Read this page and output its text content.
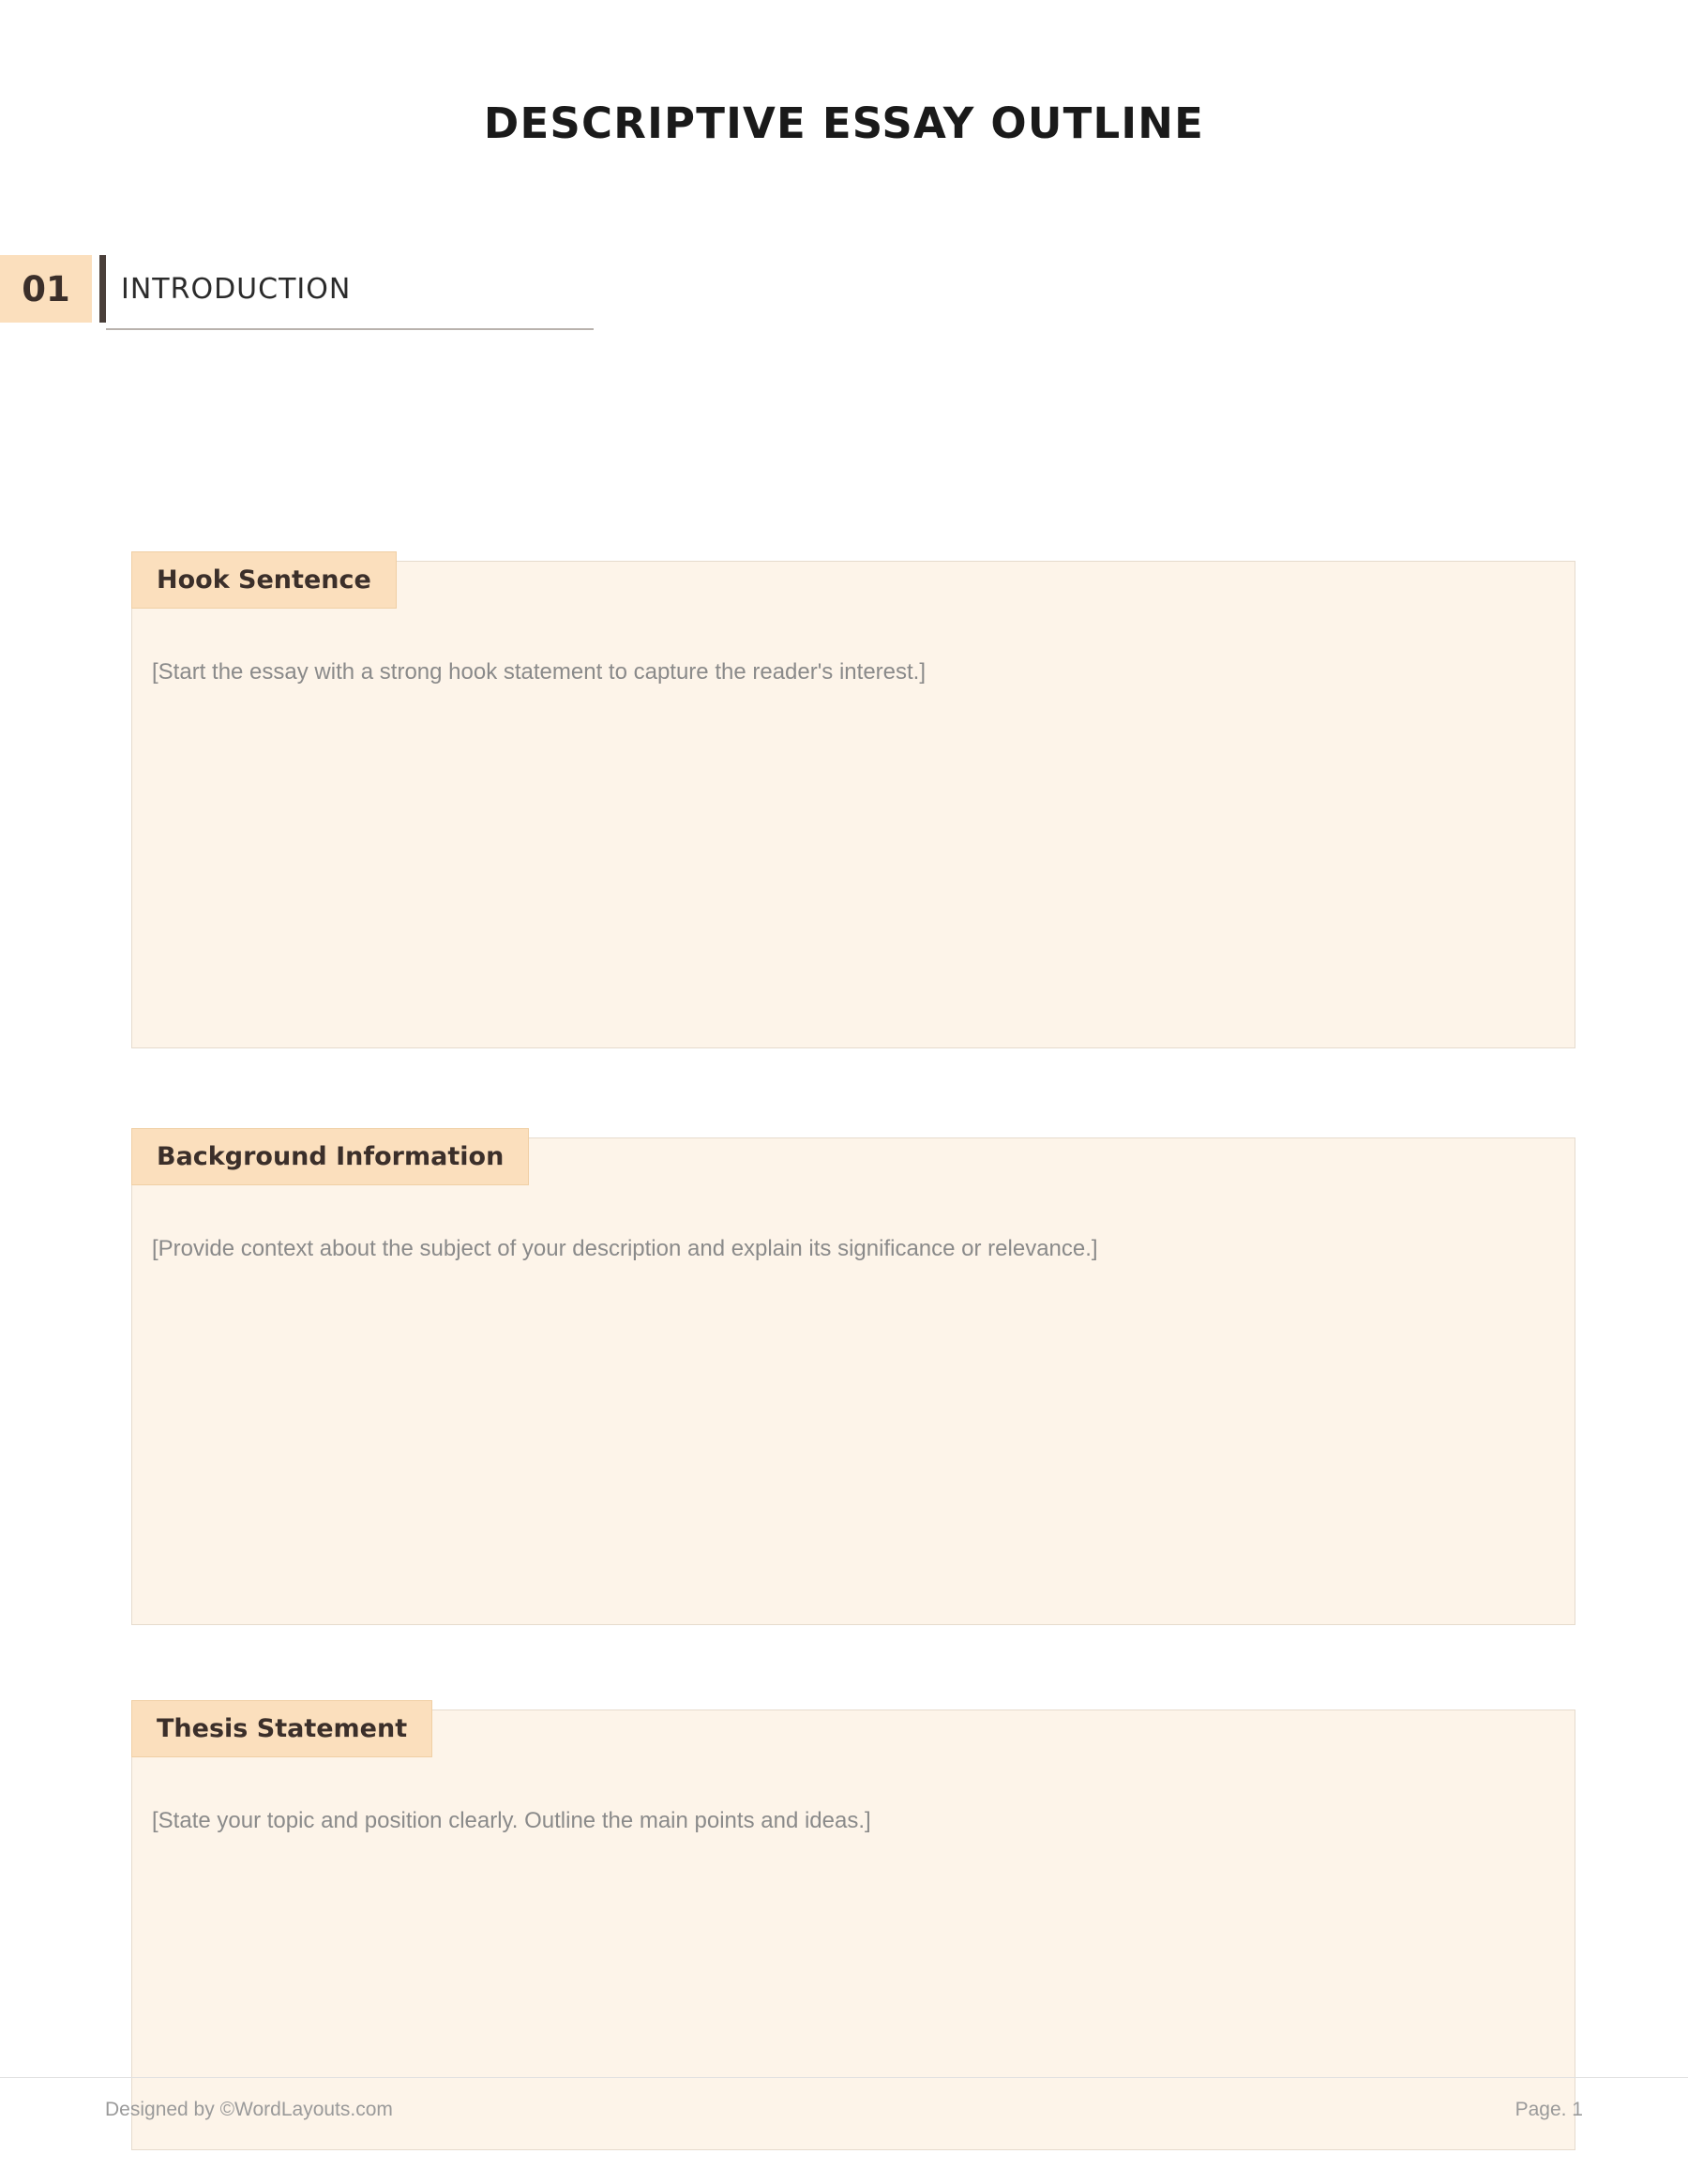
DESCRIPTIVE ESSAY OUTLINE
01	INTRODUCTION
Hook Sentence
[Start the essay with a strong hook statement to capture the reader's interest.]
Background Information
[Provide context about the subject of your description and explain its significance or relevance.]
Thesis Statement
[State your topic and position clearly. Outline the main points and ideas.]
Designed by ©WordLayouts.com	Page. 1
